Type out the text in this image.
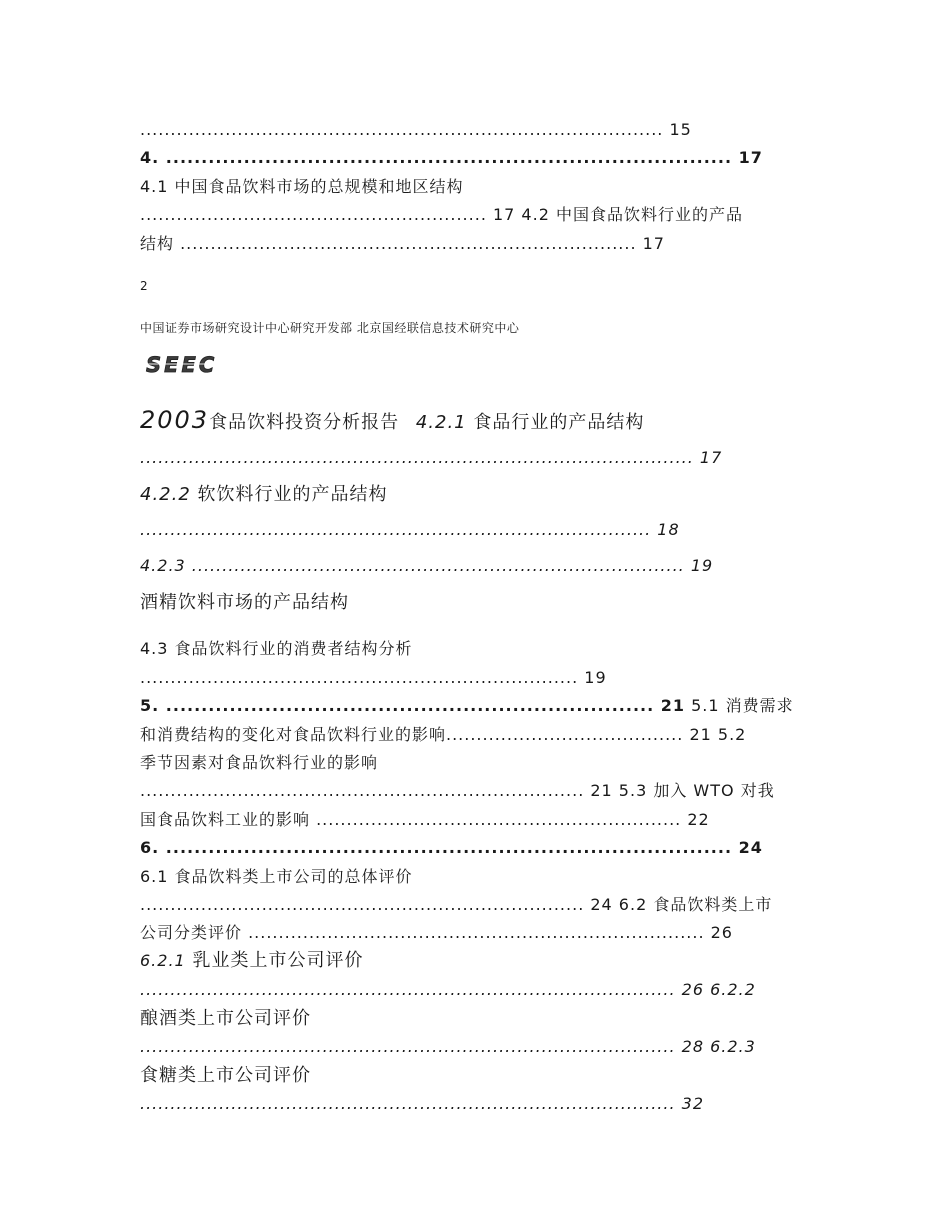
...................................................................................... 15
4. ................................................................................ 17
4.1 中国食品饮料市场的总规模和地区结构
......................................................... 17 4.2 中国食品饮料行业的产品
结构 ........................................................................... 17
2
中国证券市场研究设计中心研究开发部 北京国经联信息技术研究中心
SEEC
2003食品饮料投资分析报告 4.2.1 食品行业的产品结构
........................................................................................... 17
4.2.2 软饮料行业的产品结构
.................................................................................... 18
4.2.3 ................................................................................. 19
酒精饮料市场的产品结构
4.3 食品饮料行业的消费者结构分析
........................................................................ 19
5. ..................................................................... 21 5.1 消费需求
和消费结构的变化对食品饮料行业的影响....................................... 21 5.2
季节因素对食品饮料行业的影响
......................................................................... 21 5.3 加入 WTO 对我
国食品饮料工业的影响 ............................................................ 22
6. ................................................................................ 24
6.1 食品饮料类上市公司的总体评价
......................................................................... 24 6.2 食品饮料类上市
公司分类评价 ........................................................................... 26
6.2.1 乳业类上市公司评价
........................................................................................ 26 6.2.2
酿酒类上市公司评价
........................................................................................ 28 6.2.3
食糖类上市公司评价
........................................................................................ 32
